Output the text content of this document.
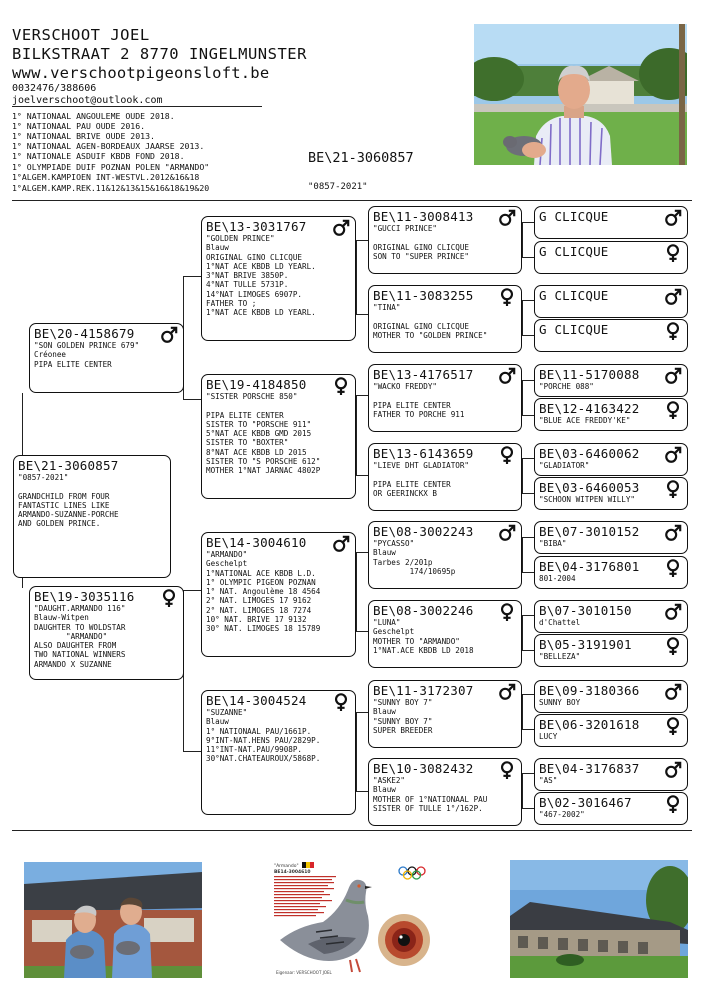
VERSCHOOT JOEL
BILKSTRAAT 2 8770 INGELMUNSTER
www.verschootpigeonsloft.be
0032476/388606
joelverschoot@outlook.com
1° NATIONAAL ANGOULEME OUDE 2018.
1° NATIONAAL PAU OUDE 2016.
1° NATIONAAL BRIVE OUDE 2013.
1° NATIONAAL AGEN-BORDEAUX JAARSE 2013.
1° NATIONALE ASDUIF KBDB FOND 2018.
1° OLYMPIADE DUIF POZNAN POLEN "ARMANDO"
1°ALGEM.KAMPIOEN INT-WESTVL.2012&16&18
1°ALGEM.KAMP.REK.11&12&13&15&16&18&19&20
BE\21-3060857
"0857-2021"
BE\21-3060857
"0857-2021"

GRANDCHILD FROM FOUR
FANTASTIC LINES LIKE
ARMANDO-SUZANNE-PORCHE
AND GOLDEN PRINCE.
BE\20-4158679
"SON GOLDEN PRINCE 679"
Créonee
PIPA ELITE CENTER
BE\19-3035116
"DAUGHT.ARMANDO 116"
Blauw-Witpen
DAUGHTER TO WOLDSTAR
"ARMANDO"
ALSO DAUGHTER FROM
TWO NATIONAL WINNERS
ARMANDO X SUZANNE
BE\13-3031767
"GOLDEN PRINCE"
Blauw
ORIGINAL GINO CLICQUE
1°NAT ACE KBDB LD YEARL.
3°NAT BRIVE 3850P.
4°NAT TULLE 5731P.
14°NAT LIMOGES 6907P.
FATHER TO ;
1°NAT ACE KBDB LD YEARL.
BE\19-4184850
"SISTER PORSCHE 850"

PIPA ELITE CENTER
SISTER TO "PORSCHE 911"
5°NAT ACE KBDB GMD 2015
SISTER TO "BOXTER"
8°NAT ACE KBDB LD 2015
SISTER TO "S PORSCHE 612"
MOTHER 1°NAT JARNAC 4802P
BE\14-3004610
"ARMANDO"
Geschelpt
1°NATIONAL ACE KBDB L.D.
1° OLYMPIC PIGEON POZNAN
1° NAT. Angoulème 18 4564
2° NAT. LIMOGES 17 9162
2° NAT. LIMOGES 18 7274
10° NAT. BRIVE 17 9132
30° NAT. LIMOGES 18 15789
BE\14-3004524
"SUZANNE"
Blauw
1° NATIONAAL PAU/1661P.
9°INT-NAT.HENS PAU/2829P.
11°INT-NAT.PAU/9908P.
30°NAT.CHATEAUROUX/5868P.
BE\11-3008413
"GUCCI PRINCE"

ORIGINAL GINO CLICQUE
SON TO "SUPER PRINCE"
BE\11-3083255
"TINA"

ORIGINAL GINO CLICQUE
MOTHER TO "GOLDEN PRINCE"
BE\13-4176517
"WACKO FREDDY"

PIPA ELITE CENTER
FATHER TO PORCHE 911
BE\13-6143659
"LIEVE DHT GLADIATOR"

PIPA ELITE CENTER
OR GEERINCKX B
BE\08-3002243
"PYCASSO"
Blauw
Tarbes 2/201p
174/10695p
BE\08-3002246
"LUNA"
Geschelpt
MOTHER TO "ARMANDO"
1°NAT.ACE KBDB LD 2018
BE\11-3172307
"SUNNY BOY 7"
Blauw
"SUNNY BOY 7"
SUPER BREEDER
BE\10-3082432
"ASKE2"
Blauw
MOTHER OF 1°NATIONAAL PAU
SISTER OF TULLE 1°/162P.
G CLICQUE
G CLICQUE
G CLICQUE
G CLICQUE
BE\11-5170088
"PORCHE 088"
BE\12-4163422
"BLUE ACE FREDDY'KE"
BE\03-6460062
"GLADIATOR"
BE\03-6460053
"SCHOON WITPEN WILLY"
BE\07-3010152
"BIBA"
BE\04-3176801
801-2004
B\07-3010150
d'Chattel
B\05-3191901
"BELLEZA"
BE\09-3180366
SUNNY BOY
BE\06-3201618
LUCY
BE\04-3176837
"AS"
B\02-3016467
"467-2002"
"Armando"
BE14-3004610
Eigenaar: VERSCHOOT JOEL
